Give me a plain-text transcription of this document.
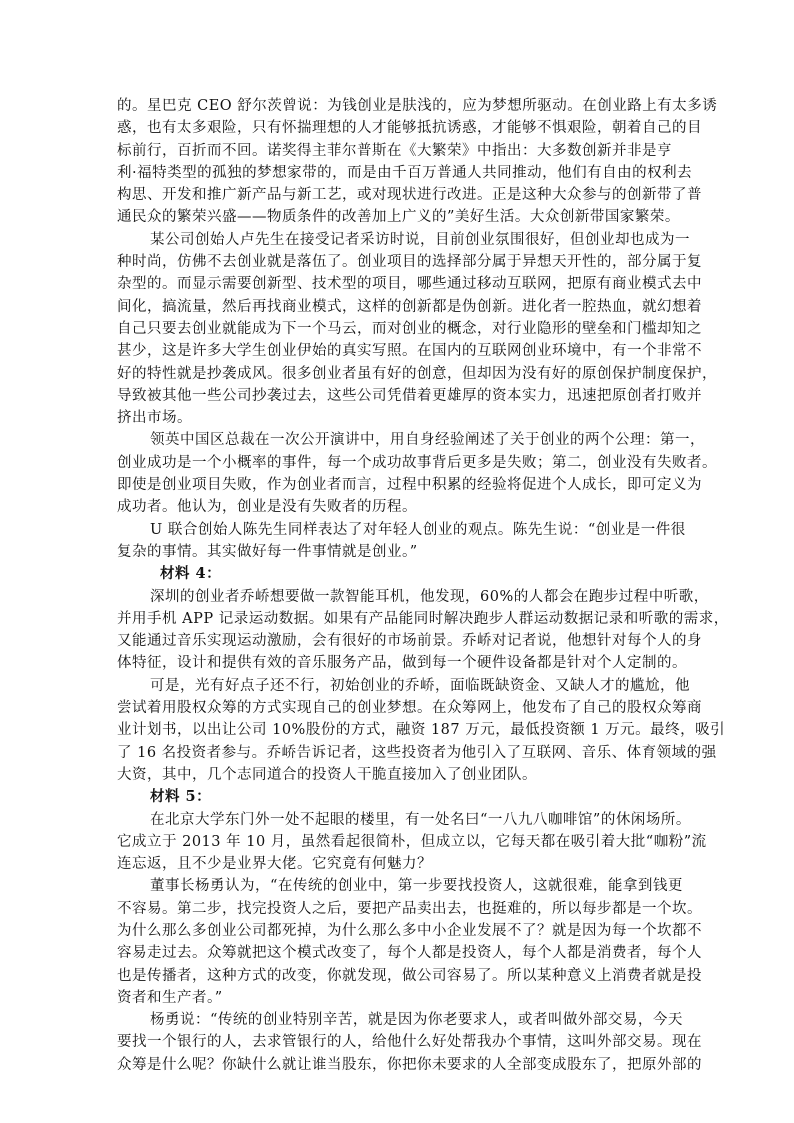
的。星巴克 CEO 舒尔茨曾说：为钱创业是肤浅的，应为梦想所驱动。在创业路上有太多诱
惑，也有太多艰险，只有怀揣理想的人才能够抵抗诱惑，才能够不惧艰险，朝着自己的目
标前行，百折而不回。诺奖得主菲尔普斯在《大繁荣》中指出：大多数创新并非是亨
利·福特类型的孤独的梦想家带的，而是由千百万普通人共同推动，他们有自由的权利去
构思、开发和推广新产品与新工艺，或对现状进行改进。正是这种大众参与的创新带了普
通民众的繁荣兴盛——物质条件的改善加上广义的”美好生活。大众创新带国家繁荣。
某公司创始人卢先生在接受记者采访时说，目前创业氛围很好，但创业却也成为一
种时尚，仿佛不去创业就是落伍了。创业项目的选择部分属于异想天开性的，部分属于复
杂型的。而显示需要创新型、技术型的项目，哪些通过移动互联网，把原有商业模式去中
间化，搞流量，然后再找商业模式，这样的创新都是伪创新。进化者一腔热血，就幻想着
自己只要去创业就能成为下一个马云，而对创业的概念，对行业隐形的壁垒和门槛却知之
甚少，这是许多大学生创业伊始的真实写照。在国内的互联网创业环境中，有一个非常不
好的特性就是抄袭成风。很多创业者虽有好的创意，但却因为没有好的原创保护制度保护，
导致被其他一些公司抄袭过去，这些公司凭借着更雄厚的资本实力，迅速把原创者打败并
挤出市场。
领英中国区总裁在一次公开演讲中，用自身经验阐述了关于创业的两个公理：第一，
创业成功是一个小概率的事件，每一个成功故事背后更多是失败；第二，创业没有失败者。
即使是创业项目失败，作为创业者而言，过程中积累的经验将促进个人成长，即可定义为
成功者。他认为，创业是没有失败者的历程。
U 联合创始人陈先生同样表达了对年轻人创业的观点。陈先生说：“创业是一件很
复杂的事情。其实做好每一件事情就是创业。”
材料 4：
深圳的创业者乔峤想要做一款智能耳机，他发现，60%的人都会在跑步过程中听歌，
并用手机 APP 记录运动数据。如果有产品能同时解决跑步人群运动数据记录和听歌的需求，
又能通过音乐实现运动激励，会有很好的市场前景。乔峤对记者说，他想针对每个人的身
体特征，设计和提供有效的音乐服务产品，做到每一个硬件设备都是针对个人定制的。
可是，光有好点子还不行，初始创业的乔峤，面临既缺资金、又缺人才的尴尬，他
尝试着用股权众筹的方式实现自己的创业梦想。在众筹网上，他发布了自己的股权众筹商
业计划书，以出让公司 10%股份的方式，融资 187 万元，最低投资额 1 万元。最终，吸引
了 16 名投资者参与。乔峤告诉记者，这些投资者为他引入了互联网、音乐、体育领域的强
大资，其中，几个志同道合的投资人干脆直接加入了创业团队。
材料 5：
在北京大学东门外一处不起眼的楼里，有一处名曰“一八九八咖啡馆”的休闲场所。
它成立于 2013 年 10 月，虽然看起很简朴，但成立以，它每天都在吸引着大批“咖粉”流
连忘返，且不少是业界大佬。它究竟有何魅力？
董事长杨勇认为，“在传统的创业中，第一步要找投资人，这就很难，能拿到钱更
不容易。第二步，找完投资人之后，要把产品卖出去，也挺难的，所以每步都是一个坎。
为什么那么多创业公司都死掉，为什么那么多中小企业发展不了？就是因为每一个坎都不
容易走过去。众筹就把这个模式改变了，每个人都是投资人，每个人都是消费者，每个人
也是传播者，这种方式的改变，你就发现，做公司容易了。所以某种意义上消费者就是投
资者和生产者。”
杨勇说：“传统的创业特别辛苦，就是因为你老要求人，或者叫做外部交易，今天
要找一个银行的人，去求管银行的人，给他什么好处帮我办个事情，这叫外部交易。现在
众筹是什么呢？你缺什么就让谁当股东，你把你未要求的人全部变成股东了，把原外部的
